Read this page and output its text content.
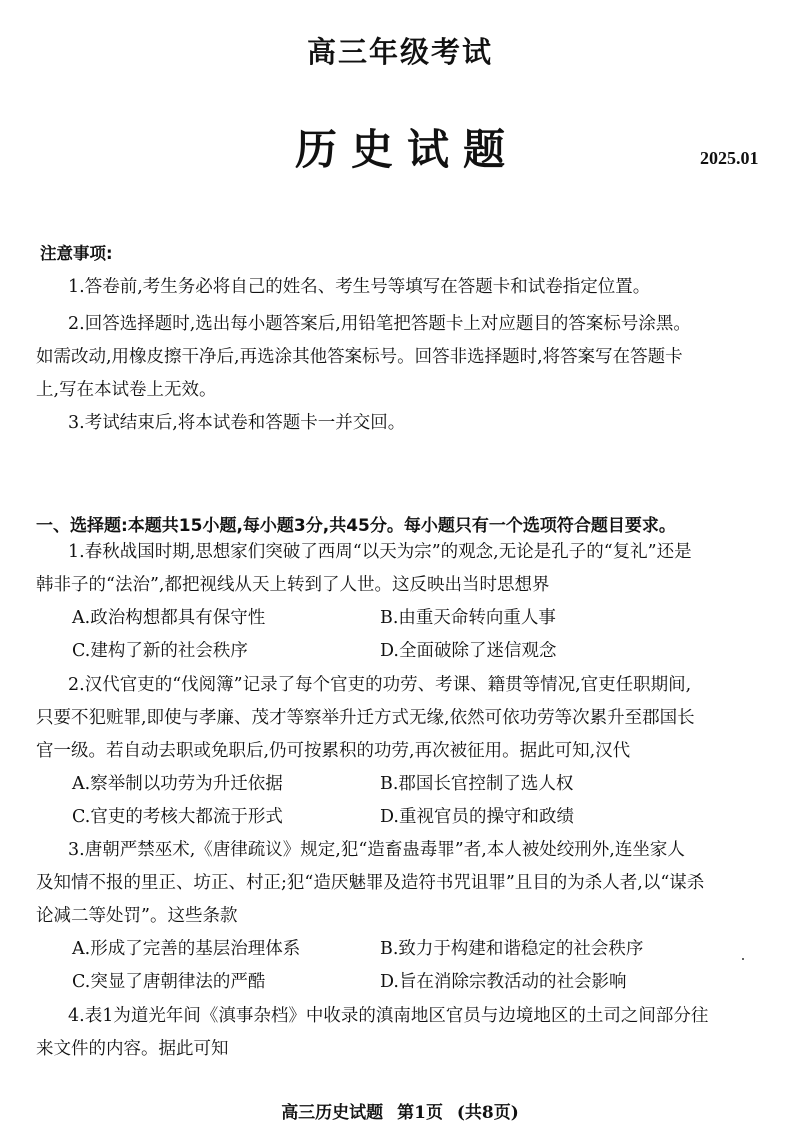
高三年级考试
历史试题	2025.01
注意事项:
1.答卷前,考生务必将自己的姓名、考生号等填写在答题卡和试卷指定位置。
2.回答选择题时,选出每小题答案后,用铅笔把答题卡上对应题目的答案标号涂黑。
如需改动,用橡皮擦干净后,再选涂其他答案标号。回答非选择题时,将答案写在答题卡
上,写在本试卷上无效。
3.考试结束后,将本试卷和答题卡一并交回。
一、选择题:本题共15小题,每小题3分,共45分。每小题只有一个选项符合题目要求。
1.春秋战国时期,思想家们突破了西周“以天为宗”的观念,无论是孔子的“复礼”还是
韩非子的“法治”,都把视线从天上转到了人世。这反映出当时思想界
A.政治构想都具有保守性	B.由重天命转向重人事
C.建构了新的社会秩序	D.全面破除了迷信观念
2.汉代官吏的“伐阅簿”记录了每个官吏的功劳、考课、籍贯等情况,官吏任职期间,
只要不犯赃罪,即使与孝廉、茂才等察举升迁方式无缘,依然可依功劳等次累升至郡国长
官一级。若自动去职或免职后,仍可按累积的功劳,再次被征用。据此可知,汉代
A.察举制以功劳为升迁依据	B.郡国长官控制了选人权
C.官吏的考核大都流于形式	D.重视官员的操守和政绩
3.唐朝严禁巫术,《唐律疏议》规定,犯“造畜蛊毒罪”者,本人被处绞刑外,连坐家人
及知情不报的里正、坊正、村正;犯“造厌魅罪及造符书咒诅罪”且目的为杀人者,以“谋杀
论减二等处罚”。这些条款
A.形成了完善的基层治理体系	B.致力于构建和谐稳定的社会秩序
C.突显了唐朝律法的严酷	D.旨在消除宗教活动的社会影响
4.表1为道光年间《滇事杂档》中收录的滇南地区官员与边境地区的土司之间部分往
来文件的内容。据此可知
高三历史试题 第1页 (共8页)
